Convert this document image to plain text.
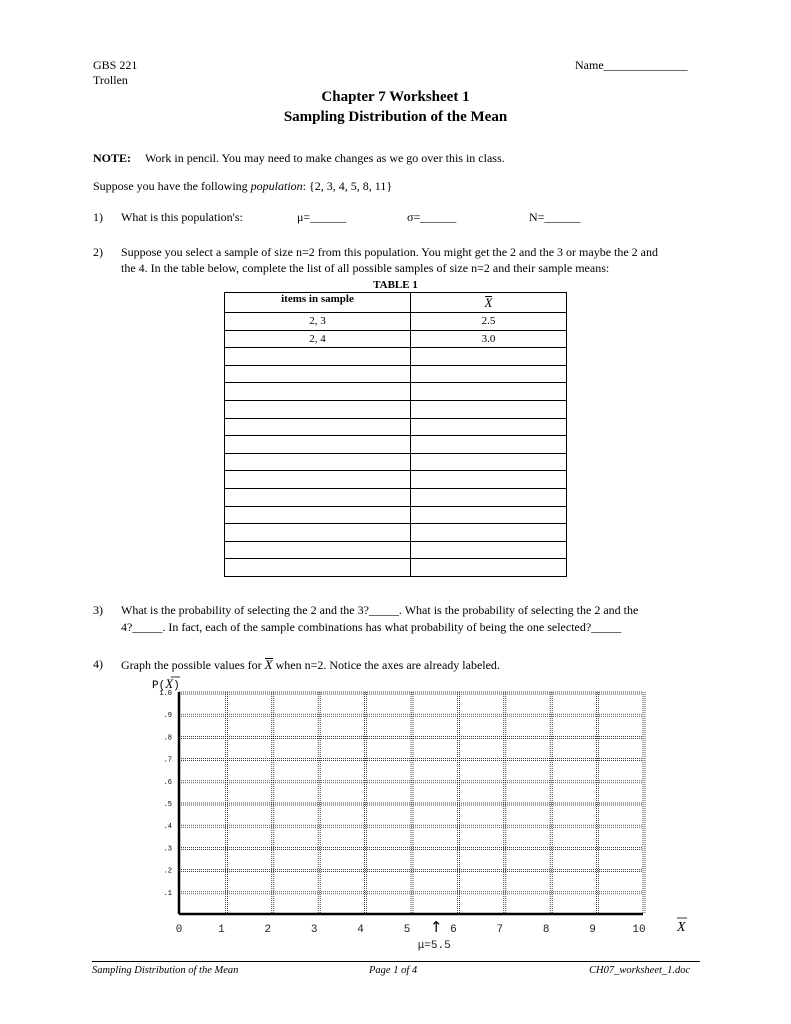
GBS 221
Trollen
Name______________
Chapter 7 Worksheet 1
Sampling Distribution of the Mean
NOTE: Work in pencil. You may need to make changes as we go over this in class.
Suppose you have the following population: {2, 3, 4, 5, 8, 11}
1) What is this population's:	μ=______	σ=______	N=______
2) Suppose you select a sample of size n=2 from this population. You might get the 2 and the 3 or maybe the 2 and
the 4. In the table below, complete the list of all possible samples of size n=2 and their sample means:
TABLE 1
items in sample	X
2, 3	2.5
2, 4	3.0

3) What is the probability of selecting the 2 and the 3?_____. What is the probability of selecting the 2 and the
4?_____. In fact, each of the sample combinations has what probability of being the one selected?_____
4) Graph the possible values for X when n=2. Notice the axes are already labeled.
1.0
.9
.8
.7
.6
.5
.4
.3
.2
.1
0	1	2	3	4	5	6	7	8	9	10
P(X)
X
↑
μ=5.5
Sampling Distribution of the Mean	Page 1 of 4	CH07_worksheet_1.doc
